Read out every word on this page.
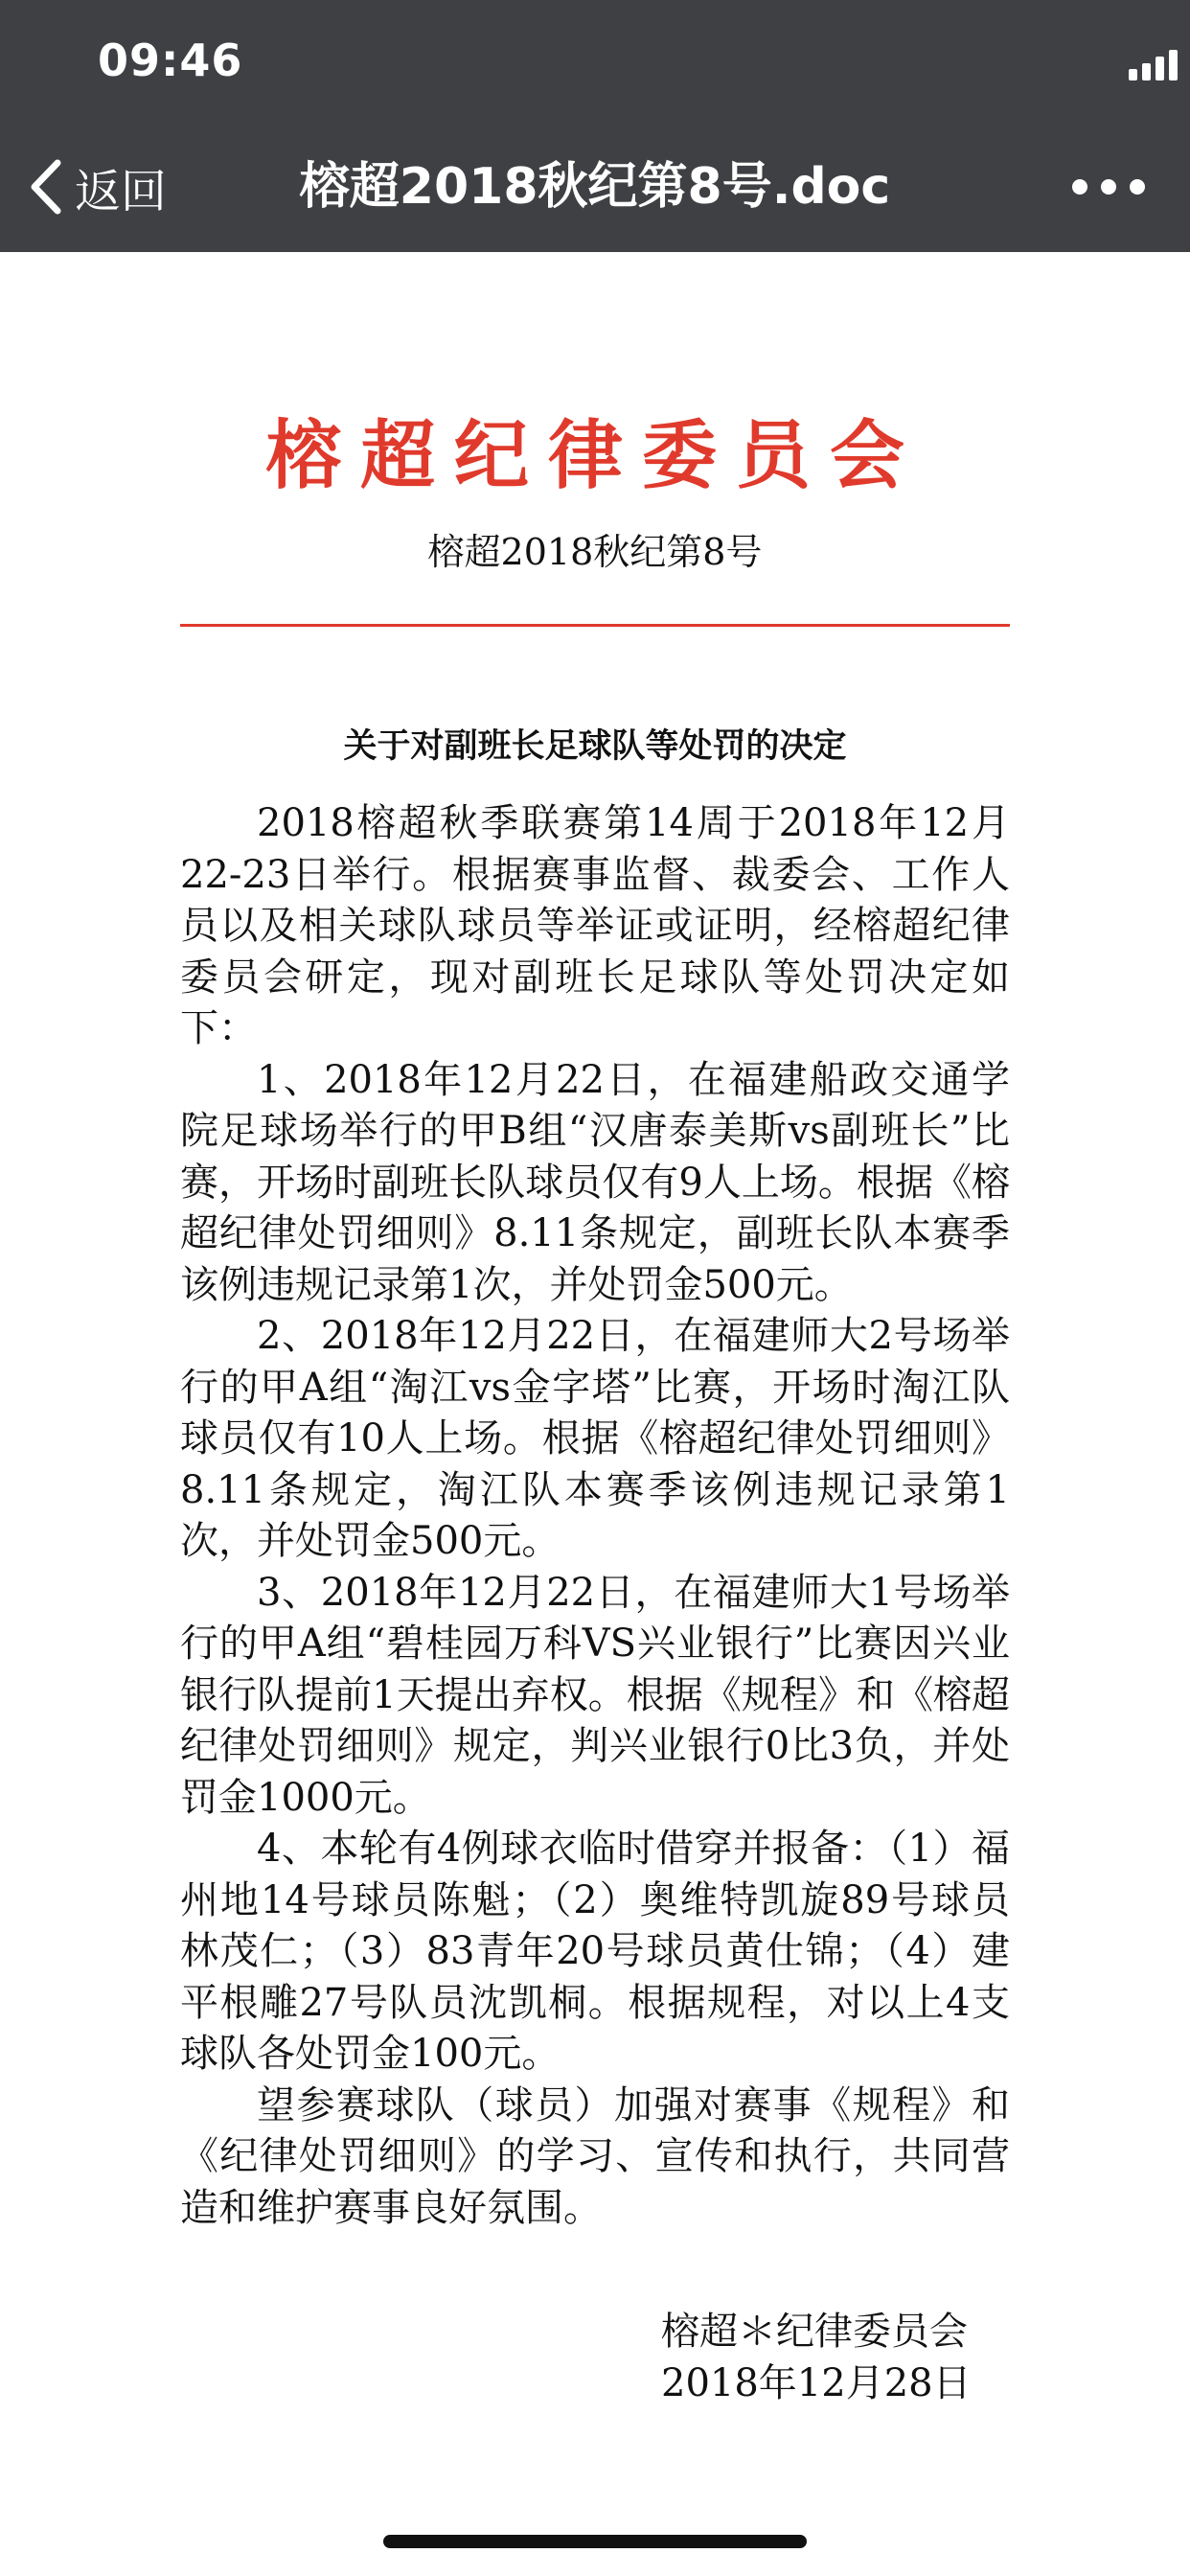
09:46
返回	榕超2018秋纪第8号.doc
榕超纪律委员会
榕超2018秋纪第8号
关于对副班长足球队等处罚的决定

2018榕超秋季联赛第14周于2018年12月22-23日举行。根据赛事监督、裁委会、工作人员以及相关球队球员等举证或证明，经榕超纪律委员会研定，现对副班长足球队等处罚决定如下：

1、2018年12月22日，在福建船政交通学院足球场举行的甲B组“汉唐泰美斯vs副班长”比赛，开场时副班长队球员仅有9人上场。根据《榕超纪律处罚细则》8.11条规定，副班长队本赛季该例违规记录第1次，并处罚金500元。

2、2018年12月22日，在福建师大2号场举行的甲A组“淘江vs金字塔”比赛，开场时淘江队球员仅有10人上场。根据《榕超纪律处罚细则》8.11条规定，淘江队本赛季该例违规记录第1次，并处罚金500元。

3、2018年12月22日，在福建师大1号场举行的甲A组“碧桂园万科VS兴业银行”比赛因兴业银行队提前1天提出弃权。根据《规程》和《榕超纪律处罚细则》规定，判兴业银行0比3负，并处罚金1000元。

4、本轮有4例球衣临时借穿并报备：（1）福州地14号球员陈魁；（2）奥维特凯旋89号球员林茂仁；（3）83青年20号球员黄仕锦；（4）建平根雕27号队员沈凯桐。根据规程，对以上4支球队各处罚金100元。

望参赛球队（球员）加强对赛事《规程》和《纪律处罚细则》的学习、宣传和执行，共同营造和维护赛事良好氛围。

榕超＊纪律委员会
2018年12月28日
